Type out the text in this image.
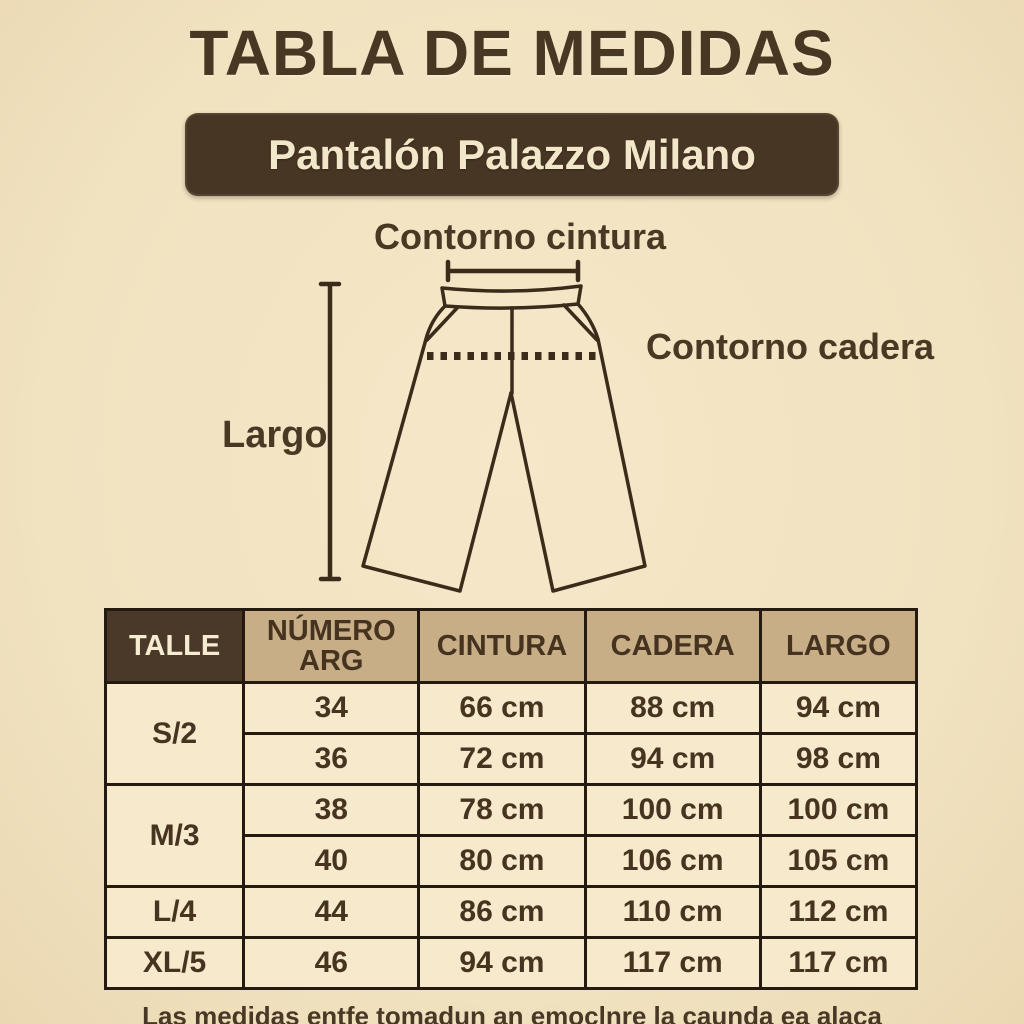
TABLA DE MEDIDAS
Pantalón Palazzo Milano
Contorno cintura
Contorno cadera
Largo
TALLE	NÚMERO ARG	CINTURA	CADERA	LARGO
S/2	34	66 cm	88 cm	94 cm
	36	72 cm	94 cm	98 cm
M/3	38	78 cm	100 cm	100 cm
	40	80 cm	106 cm	105 cm
L/4	44	86 cm	110 cm	112 cm
XL/5	46	94 cm	117 cm	117 cm
Las medidas entfe tomadun an emoclnre la caunda ea alaca
